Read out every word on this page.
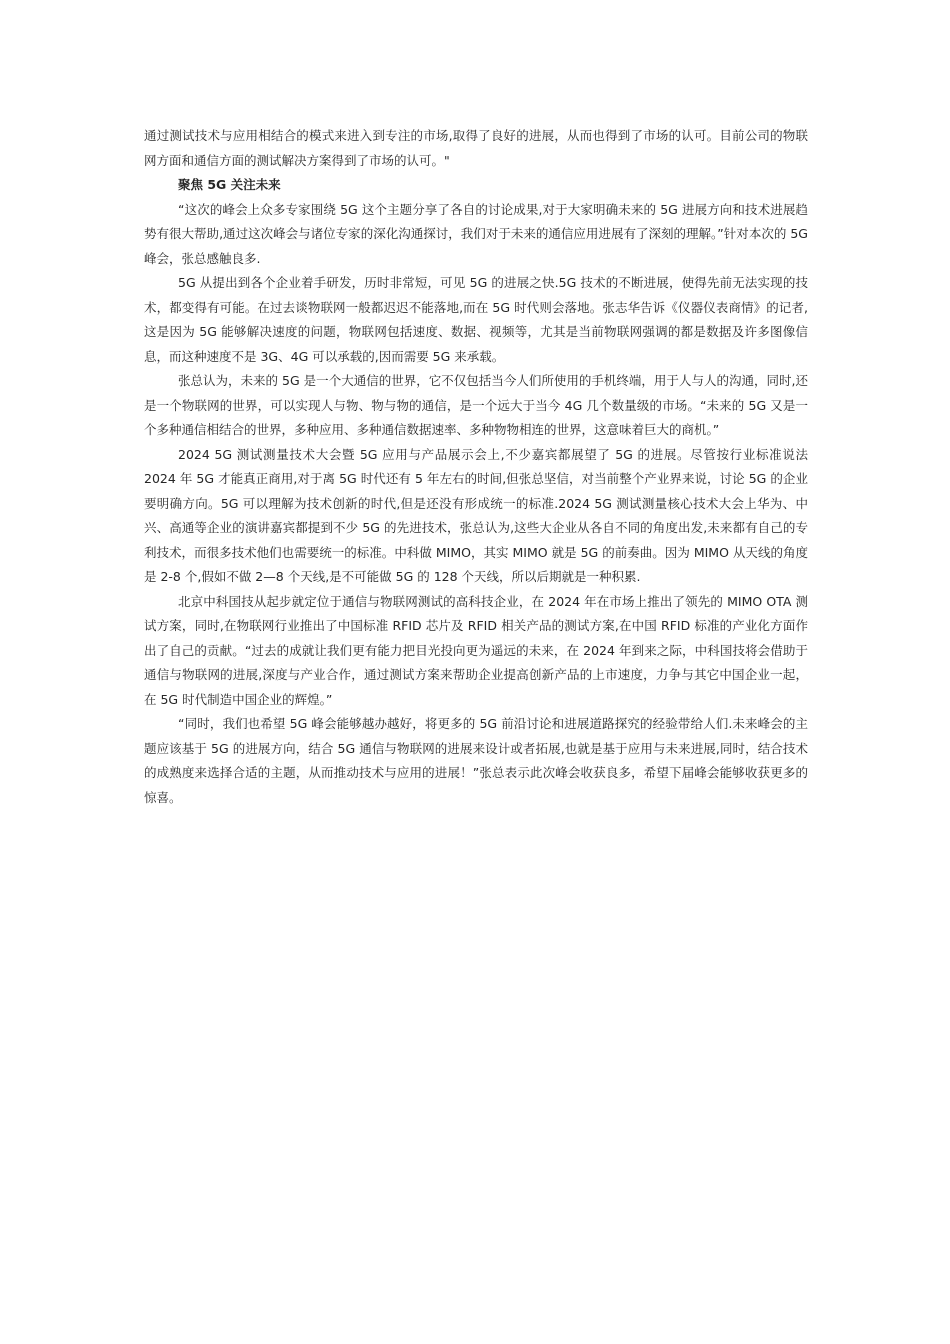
通过测试技术与应用相结合的模式来进入到专注的市场,取得了良好的进展，从而也得到了市场的认可。目前公司的物联网方面和通信方面的测试解决方案得到了市场的认可。"

聚焦 5G 关注未来

“这次的峰会上众多专家围绕 5G 这个主题分享了各自的讨论成果,对于大家明确未来的 5G 进展方向和技术进展趋势有很大帮助,通过这次峰会与诸位专家的深化沟通探讨，我们对于未来的通信应用进展有了深刻的理解。”针对本次的 5G 峰会，张总感触良多.

5G 从提出到各个企业着手研发，历时非常短，可见 5G 的进展之快.5G 技术的不断进展，使得先前无法实现的技术，都变得有可能。在过去谈物联网一般都迟迟不能落地,而在 5G 时代则会落地。张志华告诉《仪器仪表商情》的记者,这是因为 5G 能够解决速度的问题，物联网包括速度、数据、视频等，尤其是当前物联网强调的都是数据及许多图像信息，而这种速度不是 3G、4G 可以承载的,因而需要 5G 来承载。

张总认为，未来的 5G 是一个大通信的世界，它不仅包括当今人们所使用的手机终端，用于人与人的沟通，同时,还是一个物联网的世界，可以实现人与物、物与物的通信，是一个远大于当今 4G 几个数量级的市场。“未来的 5G 又是一个多种通信相结合的世界，多种应用、多种通信数据速率、多种物物相连的世界，这意味着巨大的商机。”

2024 5G 测试测量技术大会暨 5G 应用与产品展示会上,不少嘉宾都展望了 5G 的进展。尽管按行业标准说法 2024 年 5G 才能真正商用,对于离 5G 时代还有 5 年左右的时间,但张总坚信，对当前整个产业界来说，讨论 5G 的企业要明确方向。5G 可以理解为技术创新的时代,但是还没有形成统一的标准.2024 5G 测试测量核心技术大会上华为、中兴、高通等企业的演讲嘉宾都提到不少 5G 的先进技术，张总认为,这些大企业从各自不同的角度出发,未来都有自己的专利技术，而很多技术他们也需要统一的标准。中科做 MIMO，其实 MIMO 就是 5G 的前奏曲。因为 MIMO 从天线的角度是 2-8 个,假如不做 2—8 个天线,是不可能做 5G 的 128 个天线，所以后期就是一种积累.

北京中科国技从起步就定位于通信与物联网测试的高科技企业，在 2024 年在市场上推出了领先的 MIMO OTA 测试方案，同时,在物联网行业推出了中国标准 RFID 芯片及 RFID 相关产品的测试方案,在中国 RFID 标准的产业化方面作出了自己的贡献。“过去的成就让我们更有能力把目光投向更为遥远的未来，在 2024 年到来之际，中科国技将会借助于通信与物联网的进展,深度与产业合作，通过测试方案来帮助企业提高创新产品的上市速度，力争与其它中国企业一起，在 5G 时代制造中国企业的辉煌。”

“同时，我们也希望 5G 峰会能够越办越好，将更多的 5G 前沿讨论和进展道路探究的经验带给人们.未来峰会的主题应该基于 5G 的进展方向，结合 5G 通信与物联网的进展来设计或者拓展,也就是基于应用与未来进展,同时，结合技术的成熟度来选择合适的主题，从而推动技术与应用的进展！”张总表示此次峰会收获良多，希望下届峰会能够收获更多的惊喜。
